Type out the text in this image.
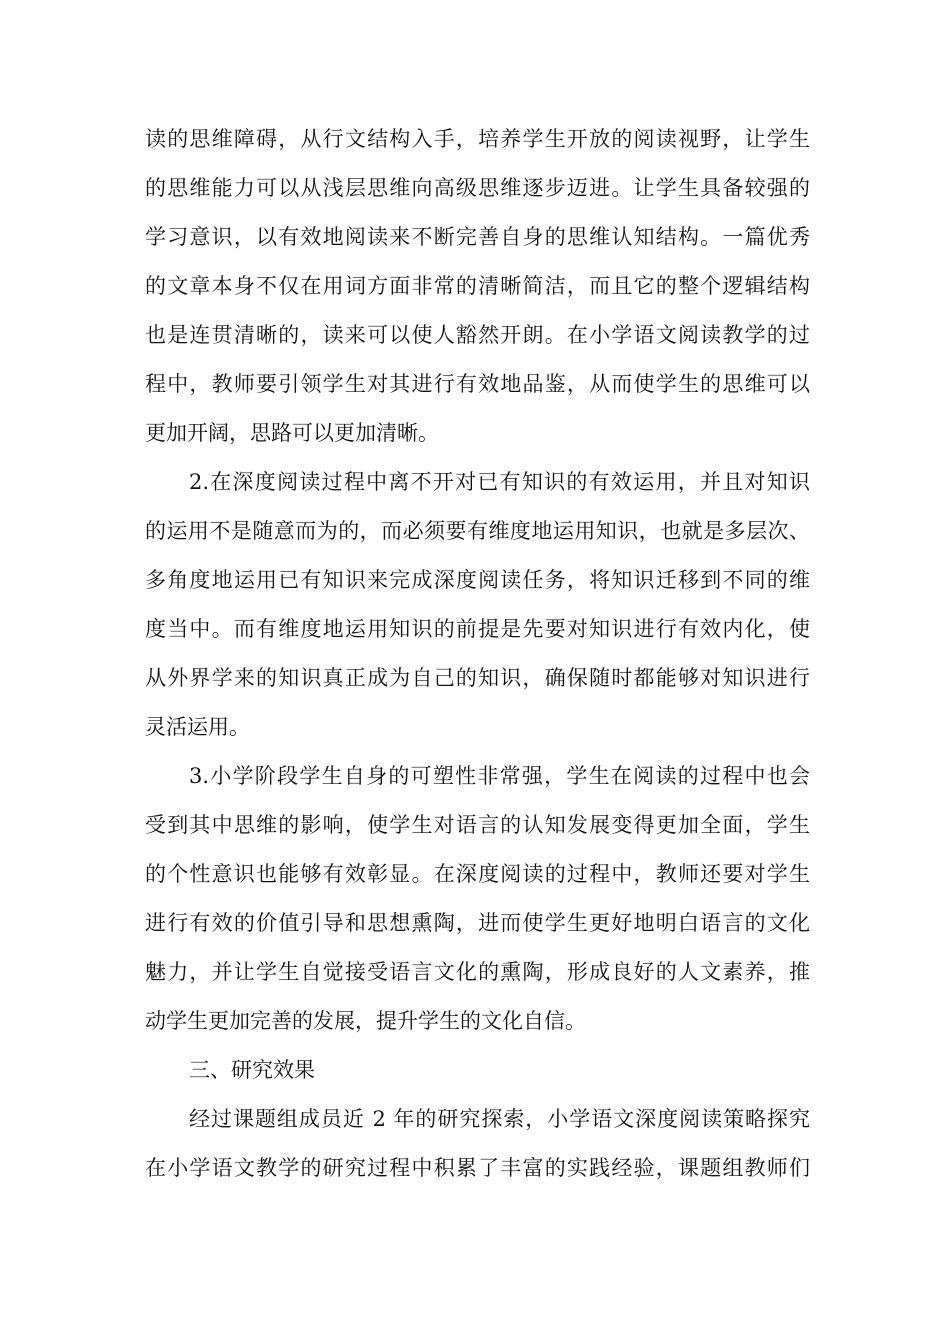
读的思维障碍，从行文结构入手，培养学生开放的阅读视野，让学生
的思维能力可以从浅层思维向高级思维逐步迈进。让学生具备较强的
学习意识，以有效地阅读来不断完善自身的思维认知结构。一篇优秀
的文章本身不仅在用词方面非常的清晰简洁，而且它的整个逻辑结构
也是连贯清晰的，读来可以使人豁然开朗。在小学语文阅读教学的过
程中，教师要引领学生对其进行有效地品鉴，从而使学生的思维可以
更加开阔，思路可以更加清晰。
2.在深度阅读过程中离不开对已有知识的有效运用，并且对知识
的运用不是随意而为的，而必须要有维度地运用知识，也就是多层次、
多角度地运用已有知识来完成深度阅读任务，将知识迁移到不同的维
度当中。而有维度地运用知识的前提是先要对知识进行有效内化，使
从外界学来的知识真正成为自己的知识，确保随时都能够对知识进行
灵活运用。
3.小学阶段学生自身的可塑性非常强，学生在阅读的过程中也会
受到其中思维的影响，使学生对语言的认知发展变得更加全面，学生
的个性意识也能够有效彰显。在深度阅读的过程中，教师还要对学生
进行有效的价值引导和思想熏陶，进而使学生更好地明白语言的文化
魅力，并让学生自觉接受语言文化的熏陶，形成良好的人文素养，推
动学生更加完善的发展，提升学生的文化自信。
三、研究效果
经过课题组成员近 2 年的研究探索，小学语文深度阅读策略探究
在小学语文教学的研究过程中积累了丰富的实践经验，课题组教师们
